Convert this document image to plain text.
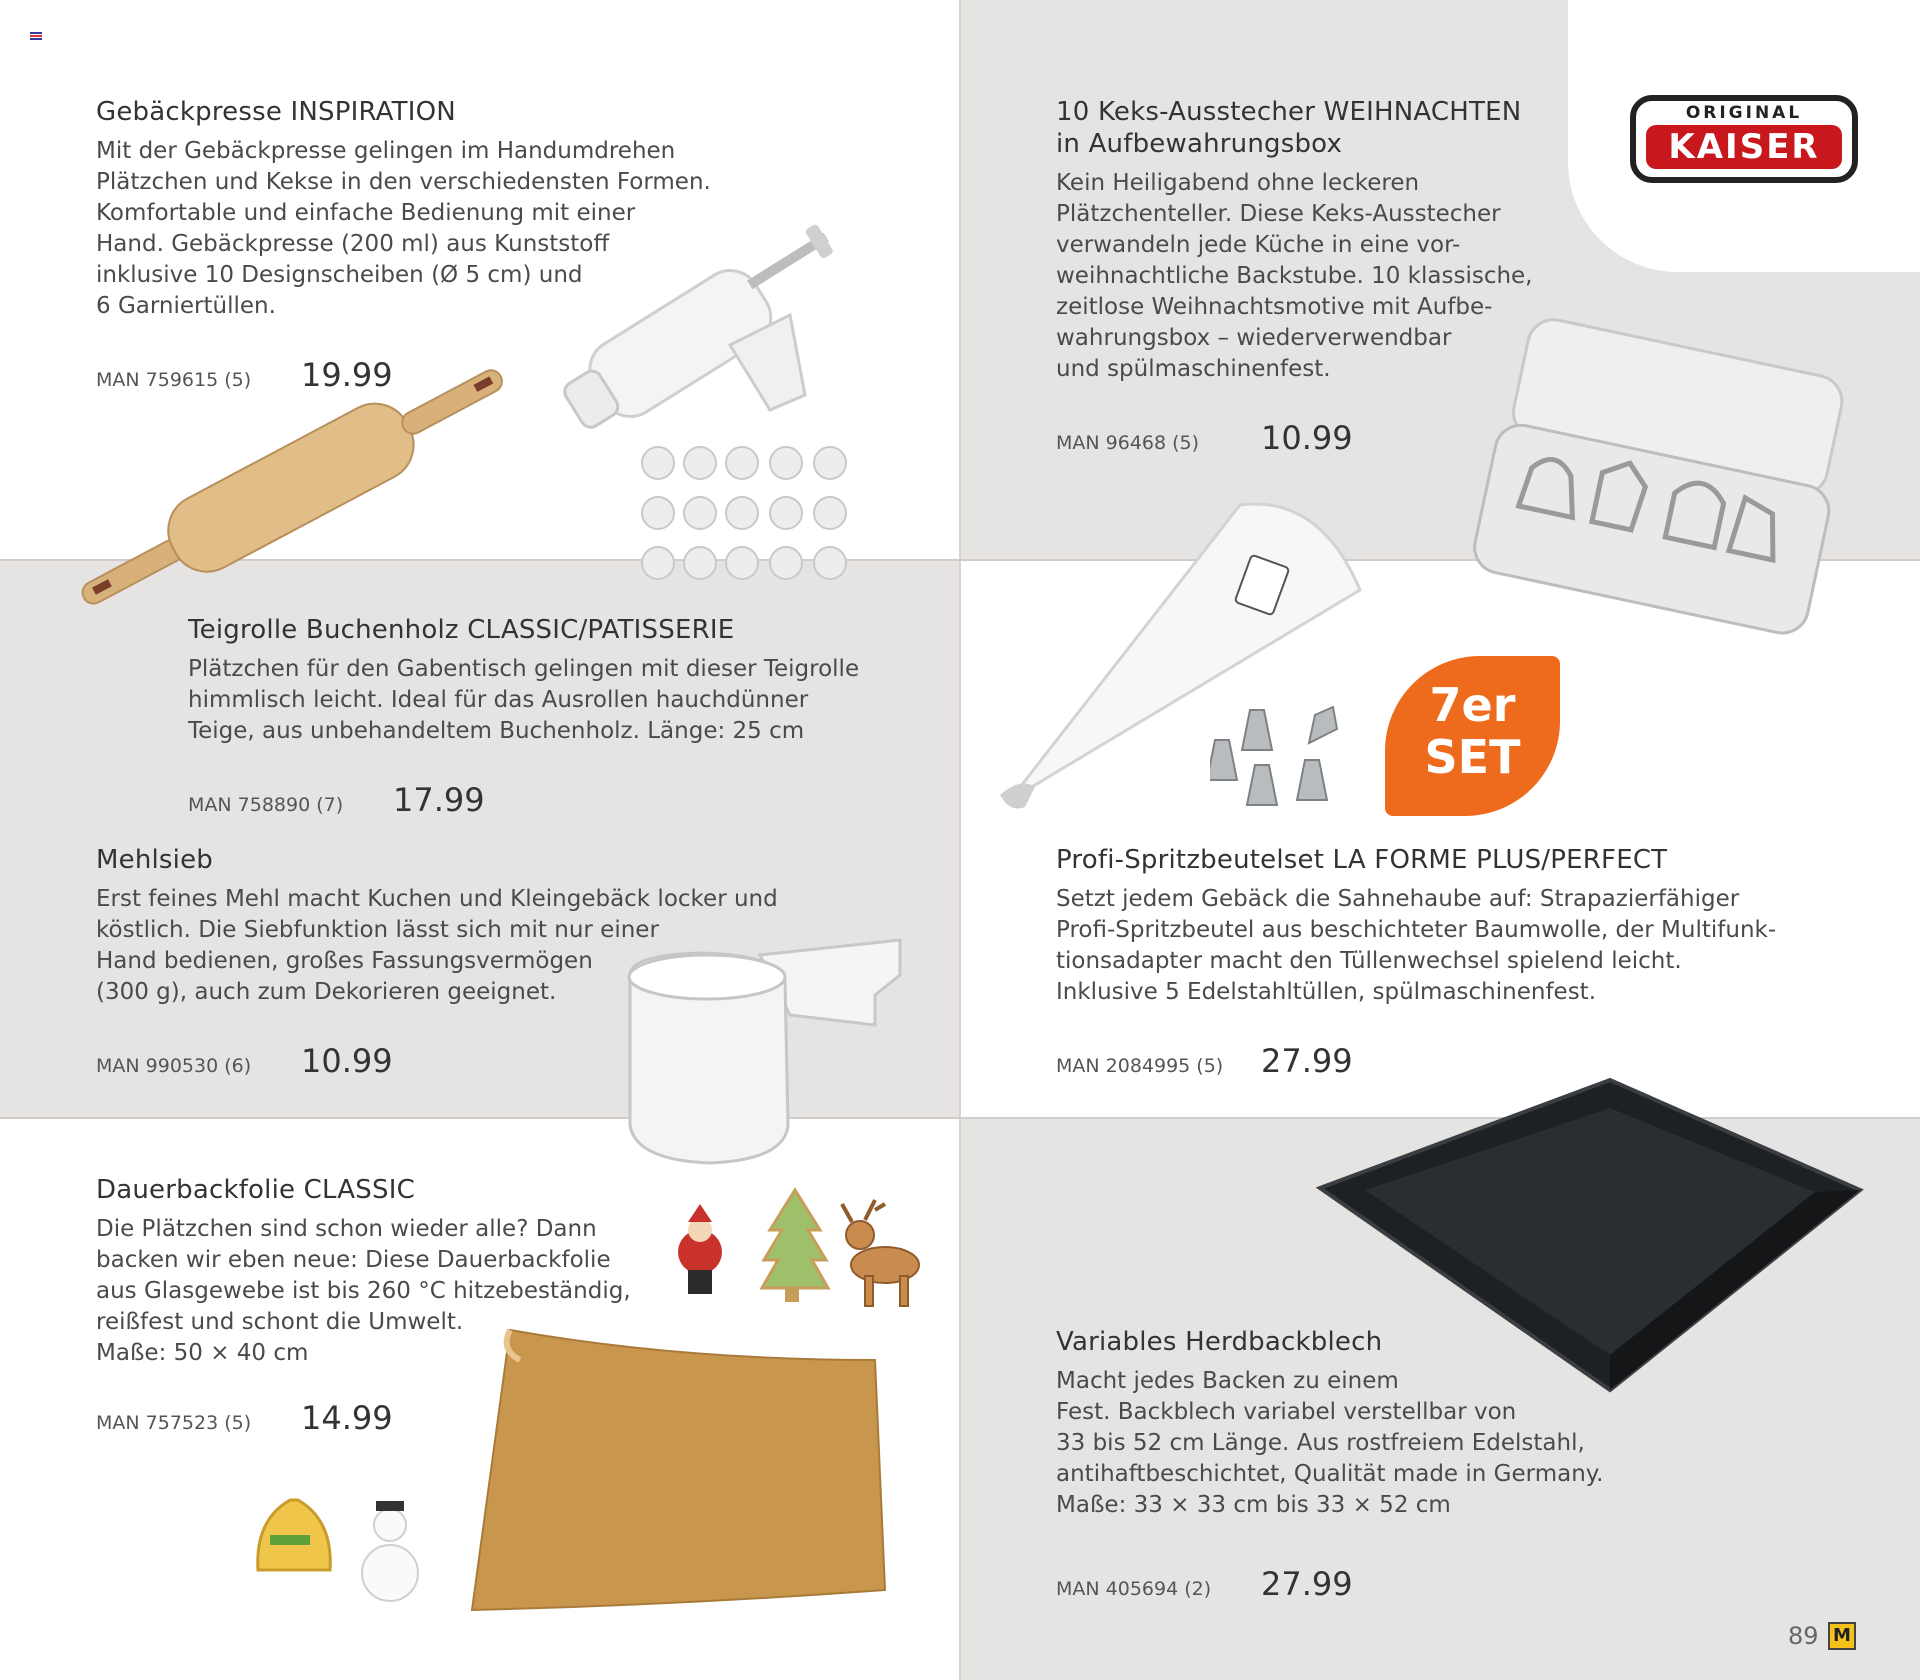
ORIGINAL
KAISER
7er
SET
Gebäckpresse INSPIRATION

Mit der Gebäckpresse gelingen im Handumdrehen
Plätzchen und Kekse in den verschiedensten Formen.
Komfortable und einfache Bedienung mit einer
Hand. Gebäckpresse (200 ml) aus Kunststoff
inklusive 10 Designscheiben (Ø 5 cm) und
6 Garniertüllen.

MAN 759615 (5)	19.99
10 Keks-Ausstecher WEIHNACHTEN
in Aufbewahrungsbox

Kein Heiligabend ohne leckeren
Plätzchenteller. Diese Keks-Ausstecher
verwandeln jede Küche in eine vor-
weihnachtliche Backstube. 10 klassische,
zeitlose Weihnachtsmotive mit Aufbe-
wahrungsbox – wiederverwendbar
und spülmaschinenfest.

MAN 96468 (5)	10.99
Teigrolle Buchenholz CLASSIC/PATISSERIE

Plätzchen für den Gabentisch gelingen mit dieser Teigrolle
himmlisch leicht. Ideal für das Ausrollen hauchdünner
Teige, aus unbehandeltem Buchenholz. Länge: 25 cm

MAN 758890 (7)	17.99
Mehlsieb

Erst feines Mehl macht Kuchen und Kleingebäck locker und
köstlich. Die Siebfunktion lässt sich mit nur einer
Hand bedienen, großes Fassungsvermögen
(300 g), auch zum Dekorieren geeignet.

MAN 990530 (6)	10.99
Profi-Spritzbeutelset LA FORME PLUS/PERFECT

Setzt jedem Gebäck die Sahnehaube auf: Strapazierfähiger
Profi-Spritzbeutel aus beschichteter Baumwolle, der Multifunk-
tionsadapter macht den Tüllenwechsel spielend leicht.
Inklusive 5 Edelstahltüllen, spülmaschinenfest.

MAN 2084995 (5)	27.99
Dauerbackfolie CLASSIC

Die Plätzchen sind schon wieder alle? Dann
backen wir eben neue: Diese Dauerbackfolie
aus Glasgewebe ist bis 260 °C hitzebeständig,
reißfest und schont die Umwelt.
Maße: 50 × 40 cm

MAN 757523 (5)	14.99
Variables Herdbackblech

Macht jedes Backen zu einem
Fest. Backblech variabel verstellbar von
33 bis 52 cm Länge. Aus rostfreiem Edelstahl,
antihaftbeschichtet, Qualität made in Germany.
Maße: 33 × 33 cm bis 33 × 52 cm

MAN 405694 (2)	27.99
89 M
